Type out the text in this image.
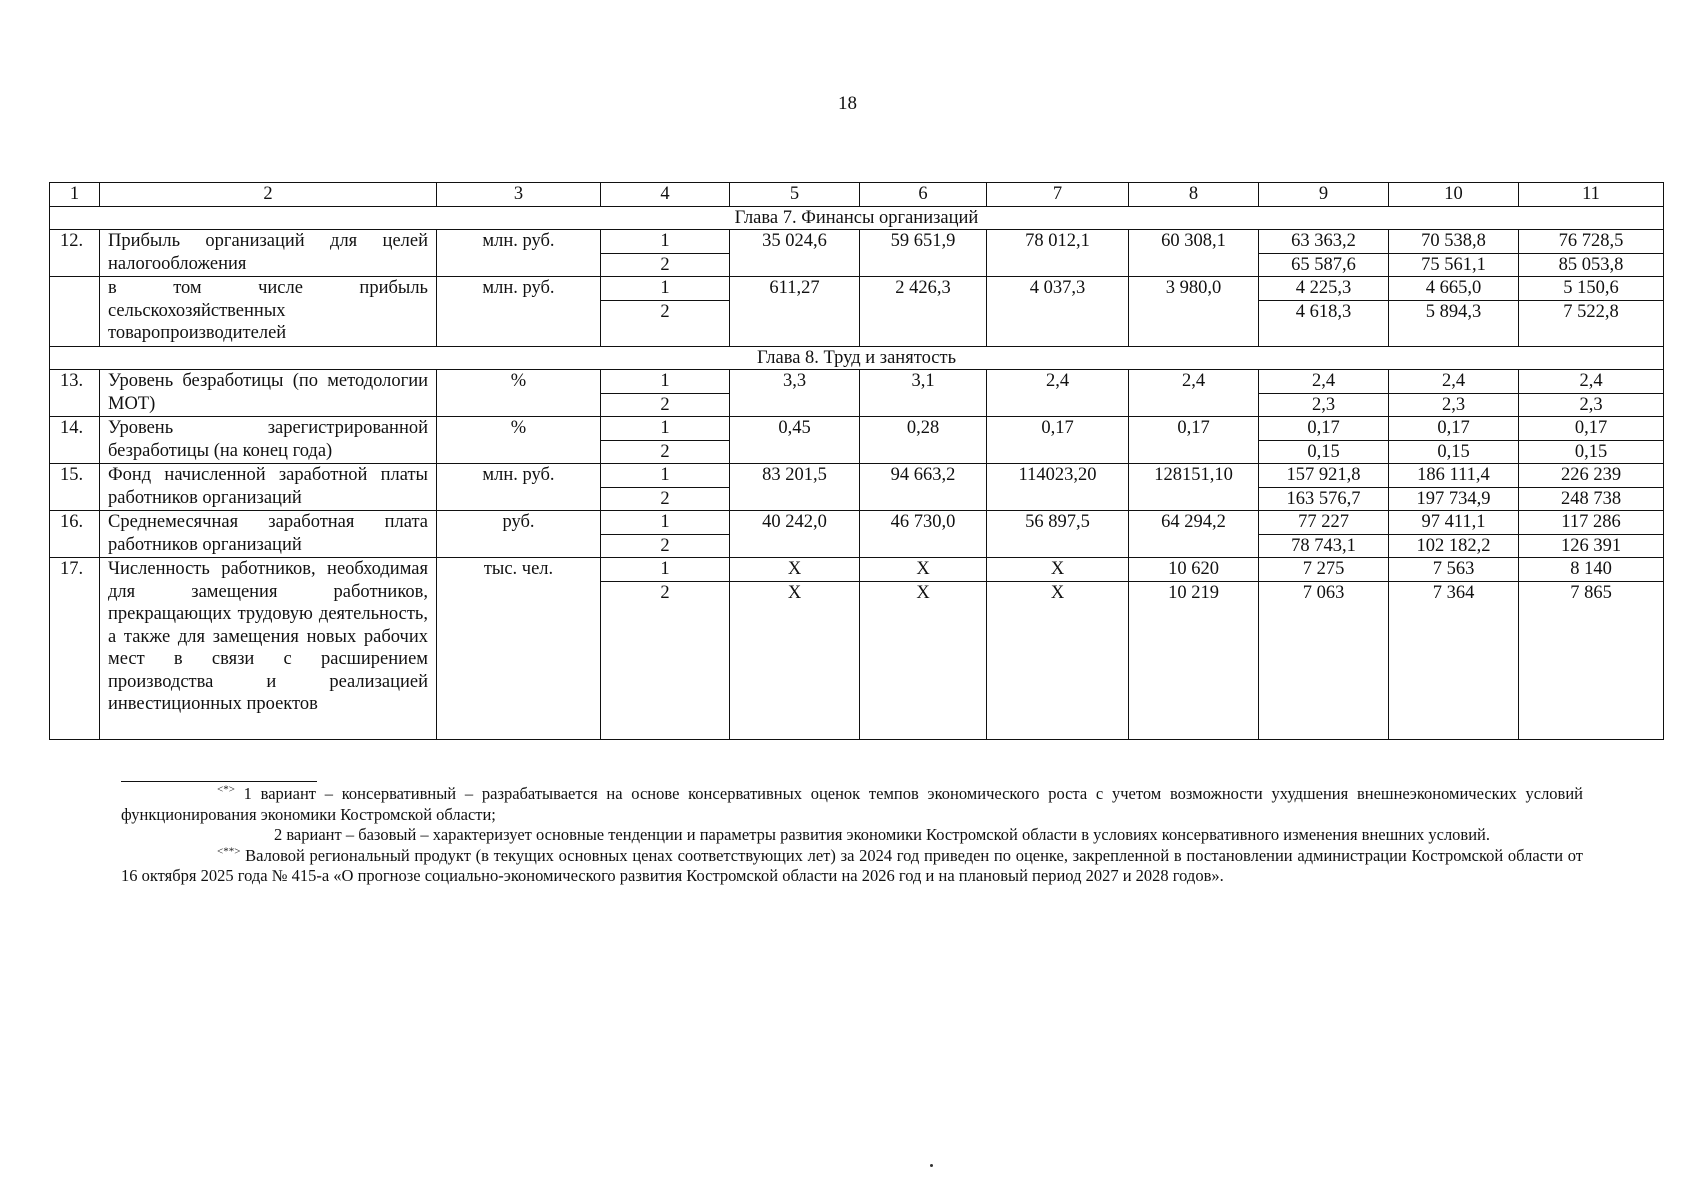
18
1	2	3	4	5	6	7	8	9	10	11
Глава 7. Финансы организаций										
12.	Прибыль организаций для целей налогообложения	млн. руб.	1	35 024,6	59 651,9	78 012,1	60 308,1	63 363,2	70 538,8	76 728,5
			2					65 587,6	75 561,1	85 053,8
	в том числе прибыль сельскохозяйственных товаропроизводителей	млн. руб.	1	611,27	2 426,3	4 037,3	3 980,0	4 225,3	4 665,0	5 150,6
			2					4 618,3	5 894,3	7 522,8
Глава 8. Труд и занятость										
13.	Уровень безработицы (по методологии МОТ)	%	1	3,3	3,1	2,4	2,4	2,4	2,4	2,4
			2					2,3	2,3	2,3
14.	Уровень зарегистрированной безработицы (на конец года)	%	1	0,45	0,28	0,17	0,17	0,17	0,17	0,17
			2					0,15	0,15	0,15
15.	Фонд начисленной заработной платы работников организаций	млн. руб.	1	83 201,5	94 663,2	114023,20	128151,10	157 921,8	186 111,4	226 239
			2					163 576,7	197 734,9	248 738
16.	Среднемесячная заработная плата работников организаций	руб.	1	40 242,0	46 730,0	56 897,5	64 294,2	77 227	97 411,1	117 286
			2					78 743,1	102 182,2	126 391
17.	Численность работников, необходимая для замещения работников, прекращающих трудовую деятельность, а также для замещения новых рабочих мест в связи с расширением производства и реализацией инвестиционных проектов	тыс. чел.	1	X	X	X	10 620	7 275	7 563	8 140
			2	X	X	X	10 219	7 063	7 364	7 865

<*> 1 вариант – консервативный – разрабатывается на основе консервативных оценок темпов экономического роста с учетом возможности ухудшения внешнеэкономических условий функционирования экономики Костромской области;

2 вариант – базовый – характеризует основные тенденции и параметры развития экономики Костромской области в условиях консервативного изменения внешних условий.

<**> Валовой региональный продукт (в текущих основных ценах соответствующих лет) за 2024 год приведен по оценке, закрепленной в постановлении администрации Костромской области от 16 октября 2025 года № 415-а «О прогнозе социально-экономического развития Костромской области на 2026 год и на плановый период 2027 и 2028 годов».
